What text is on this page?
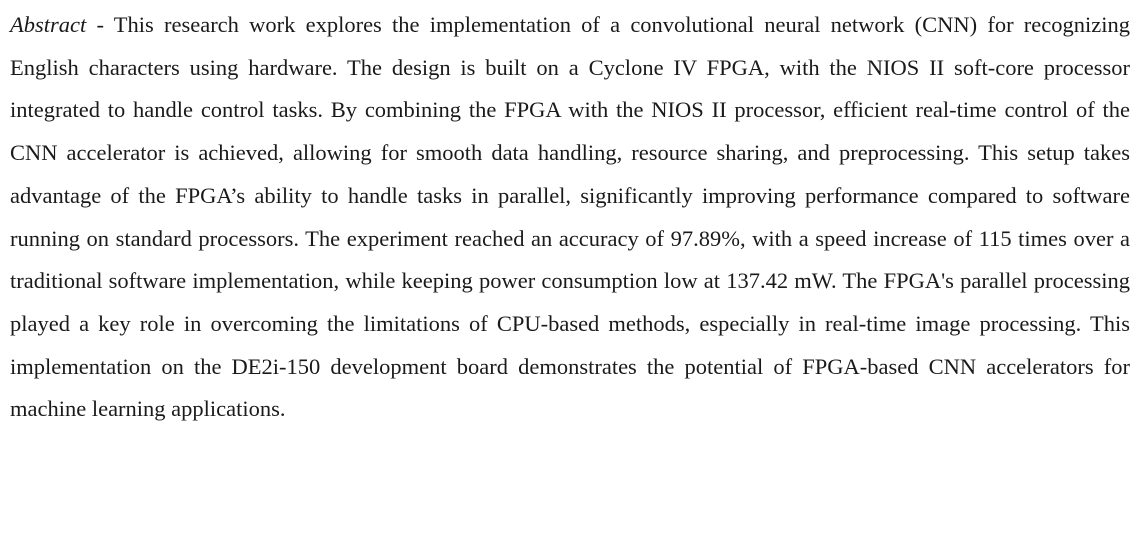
Abstract - This research work explores the implementation of a convolutional neural network (CNN) for recognizing English characters using hardware. The design is built on a Cyclone IV FPGA, with the NIOS II soft-core processor integrated to handle control tasks. By combining the FPGA with the NIOS II processor, efficient real-time control of the CNN accelerator is achieved, allowing for smooth data handling, resource sharing, and preprocessing. This setup takes advantage of the FPGA’s ability to handle tasks in parallel, significantly improving performance compared to software running on standard processors. The experiment reached an accuracy of 97.89%, with a speed increase of 115 times over a traditional software implementation, while keeping power consumption low at 137.42 mW. The FPGA's parallel processing played a key role in overcoming the limitations of CPU-based methods, especially in real-time image processing. This implementation on the DE2i-150 development board demonstrates the potential of FPGA-based CNN accelerators for machine learning applications.
